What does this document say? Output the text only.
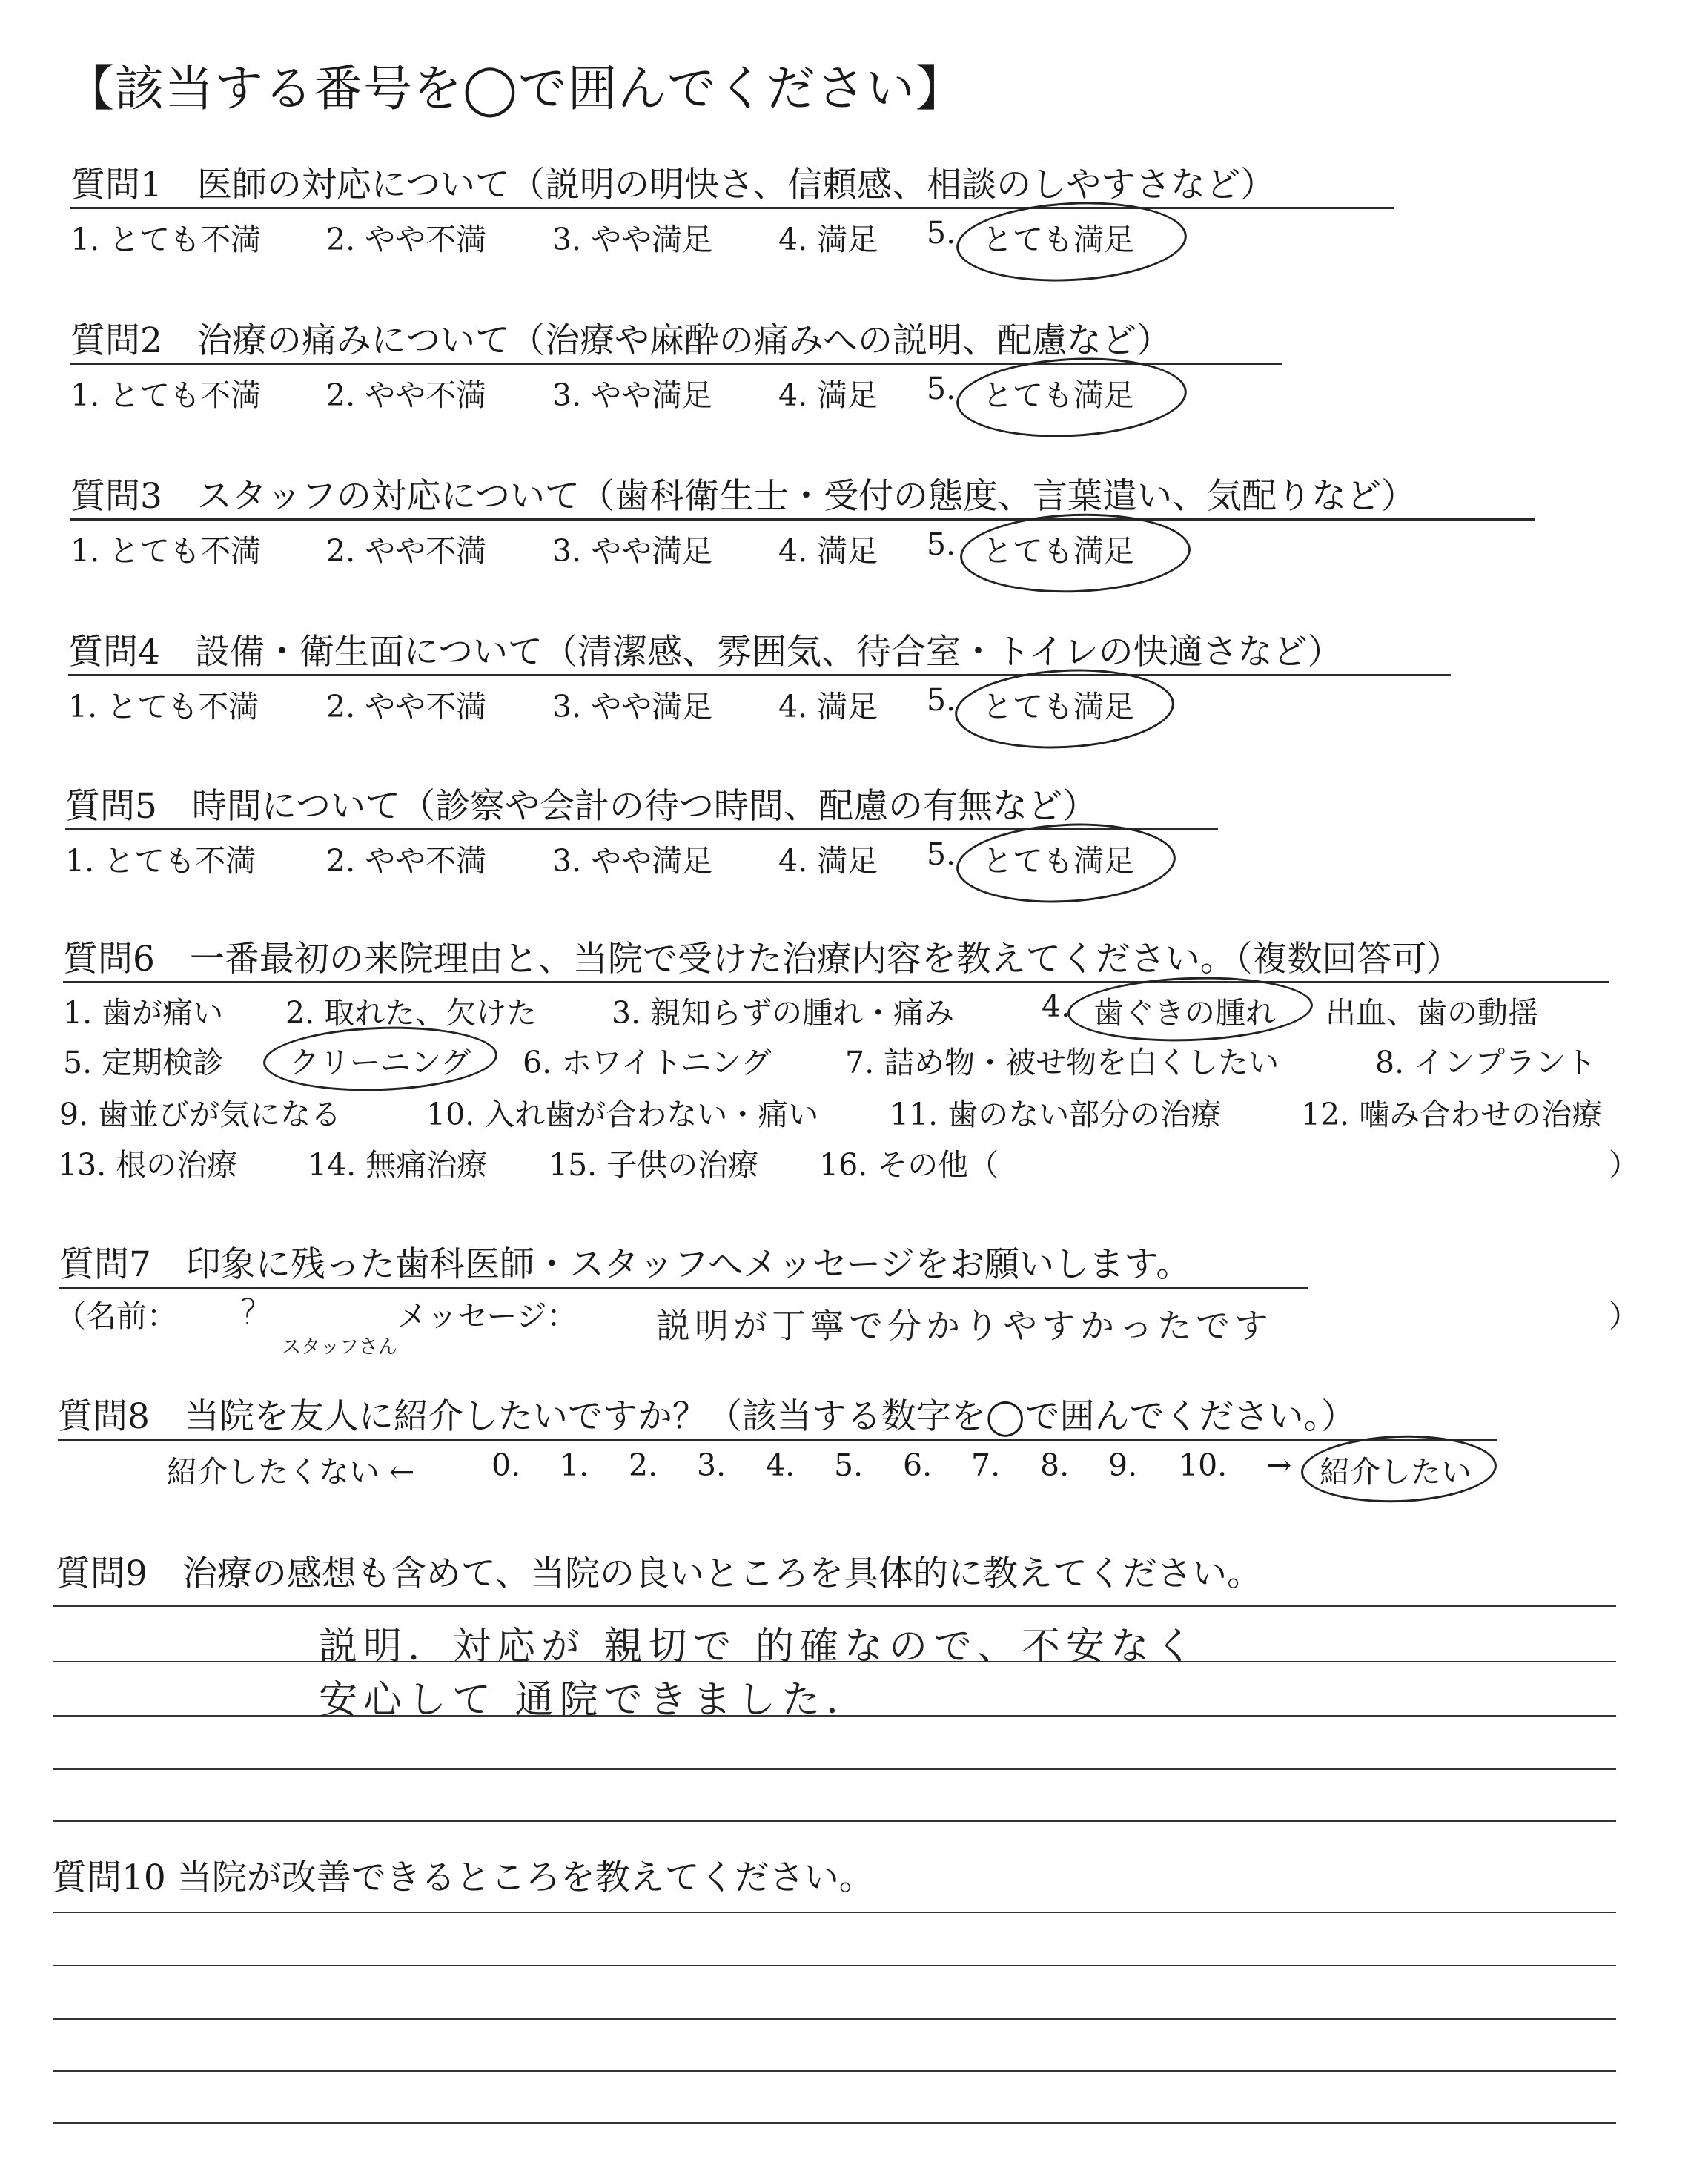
【該当する番号を◯で囲んでください】
質問1　医師の対応について（説明の明快さ、信頼感、相談のしやすさなど）
1. とても不満 2. やや不満 3. やや満足 4. 満足 5. とても満足
質問2　治療の痛みについて（治療や麻酔の痛みへの説明、配慮など）
1. とても不満 2. やや不満 3. やや満足 4. 満足 5. とても満足
質問3　スタッフの対応について（歯科衛生士・受付の態度、言葉遣い、気配りなど）
1. とても不満 2. やや不満 3. やや満足 4. 満足 5. とても満足
質問4　設備・衛生面について（清潔感、雰囲気、待合室・トイレの快適さなど）
1. とても不満 2. やや不満 3. やや満足 4. 満足 5. とても満足
質問5　時間について（診察や会計の待つ時間、配慮の有無など）
1. とても不満 2. やや不満 3. やや満足 4. 満足 5. とても満足
質問6　一番最初の来院理由と、当院で受けた治療内容を教えてください。（複数回答可）
1. 歯が痛い 2. 取れた、欠けた 3. 親知らずの腫れ・痛み	4. 歯ぐきの腫れ 出血、歯の動揺
5. 定期検診 クリーニング 6. ホワイトニング 7. 詰め物・被せ物を白くしたい	8. インプラント
9. 歯並びが気になる	10. 入れ歯が合わない・痛い 11. 歯のない部分の治療	12. 噛み合わせの治療
13. 根の治療 14. 無痛治療 15. 子供の治療 16. その他（	）
質問7　印象に残った歯科医師・スタッフへメッセージをお願いします。
（名前： ?
スタッフさん
メッセージ： 説明が丁寧で分かりやすかったです	）
質問8　当院を友人に紹介したいですか？（該当する数字を◯で囲んでください。）
紹介したくない ←	0. 1. 2. 3. 4. 5. 6. 7. 8. 9. 10. → 紹介したい
質問9　治療の感想も含めて、当院の良いところを具体的に教えてください。
説明．対応が 親切で 的確なので、不安なく
安心して 通院できました．
質問10 当院が改善できるところを教えてください。
